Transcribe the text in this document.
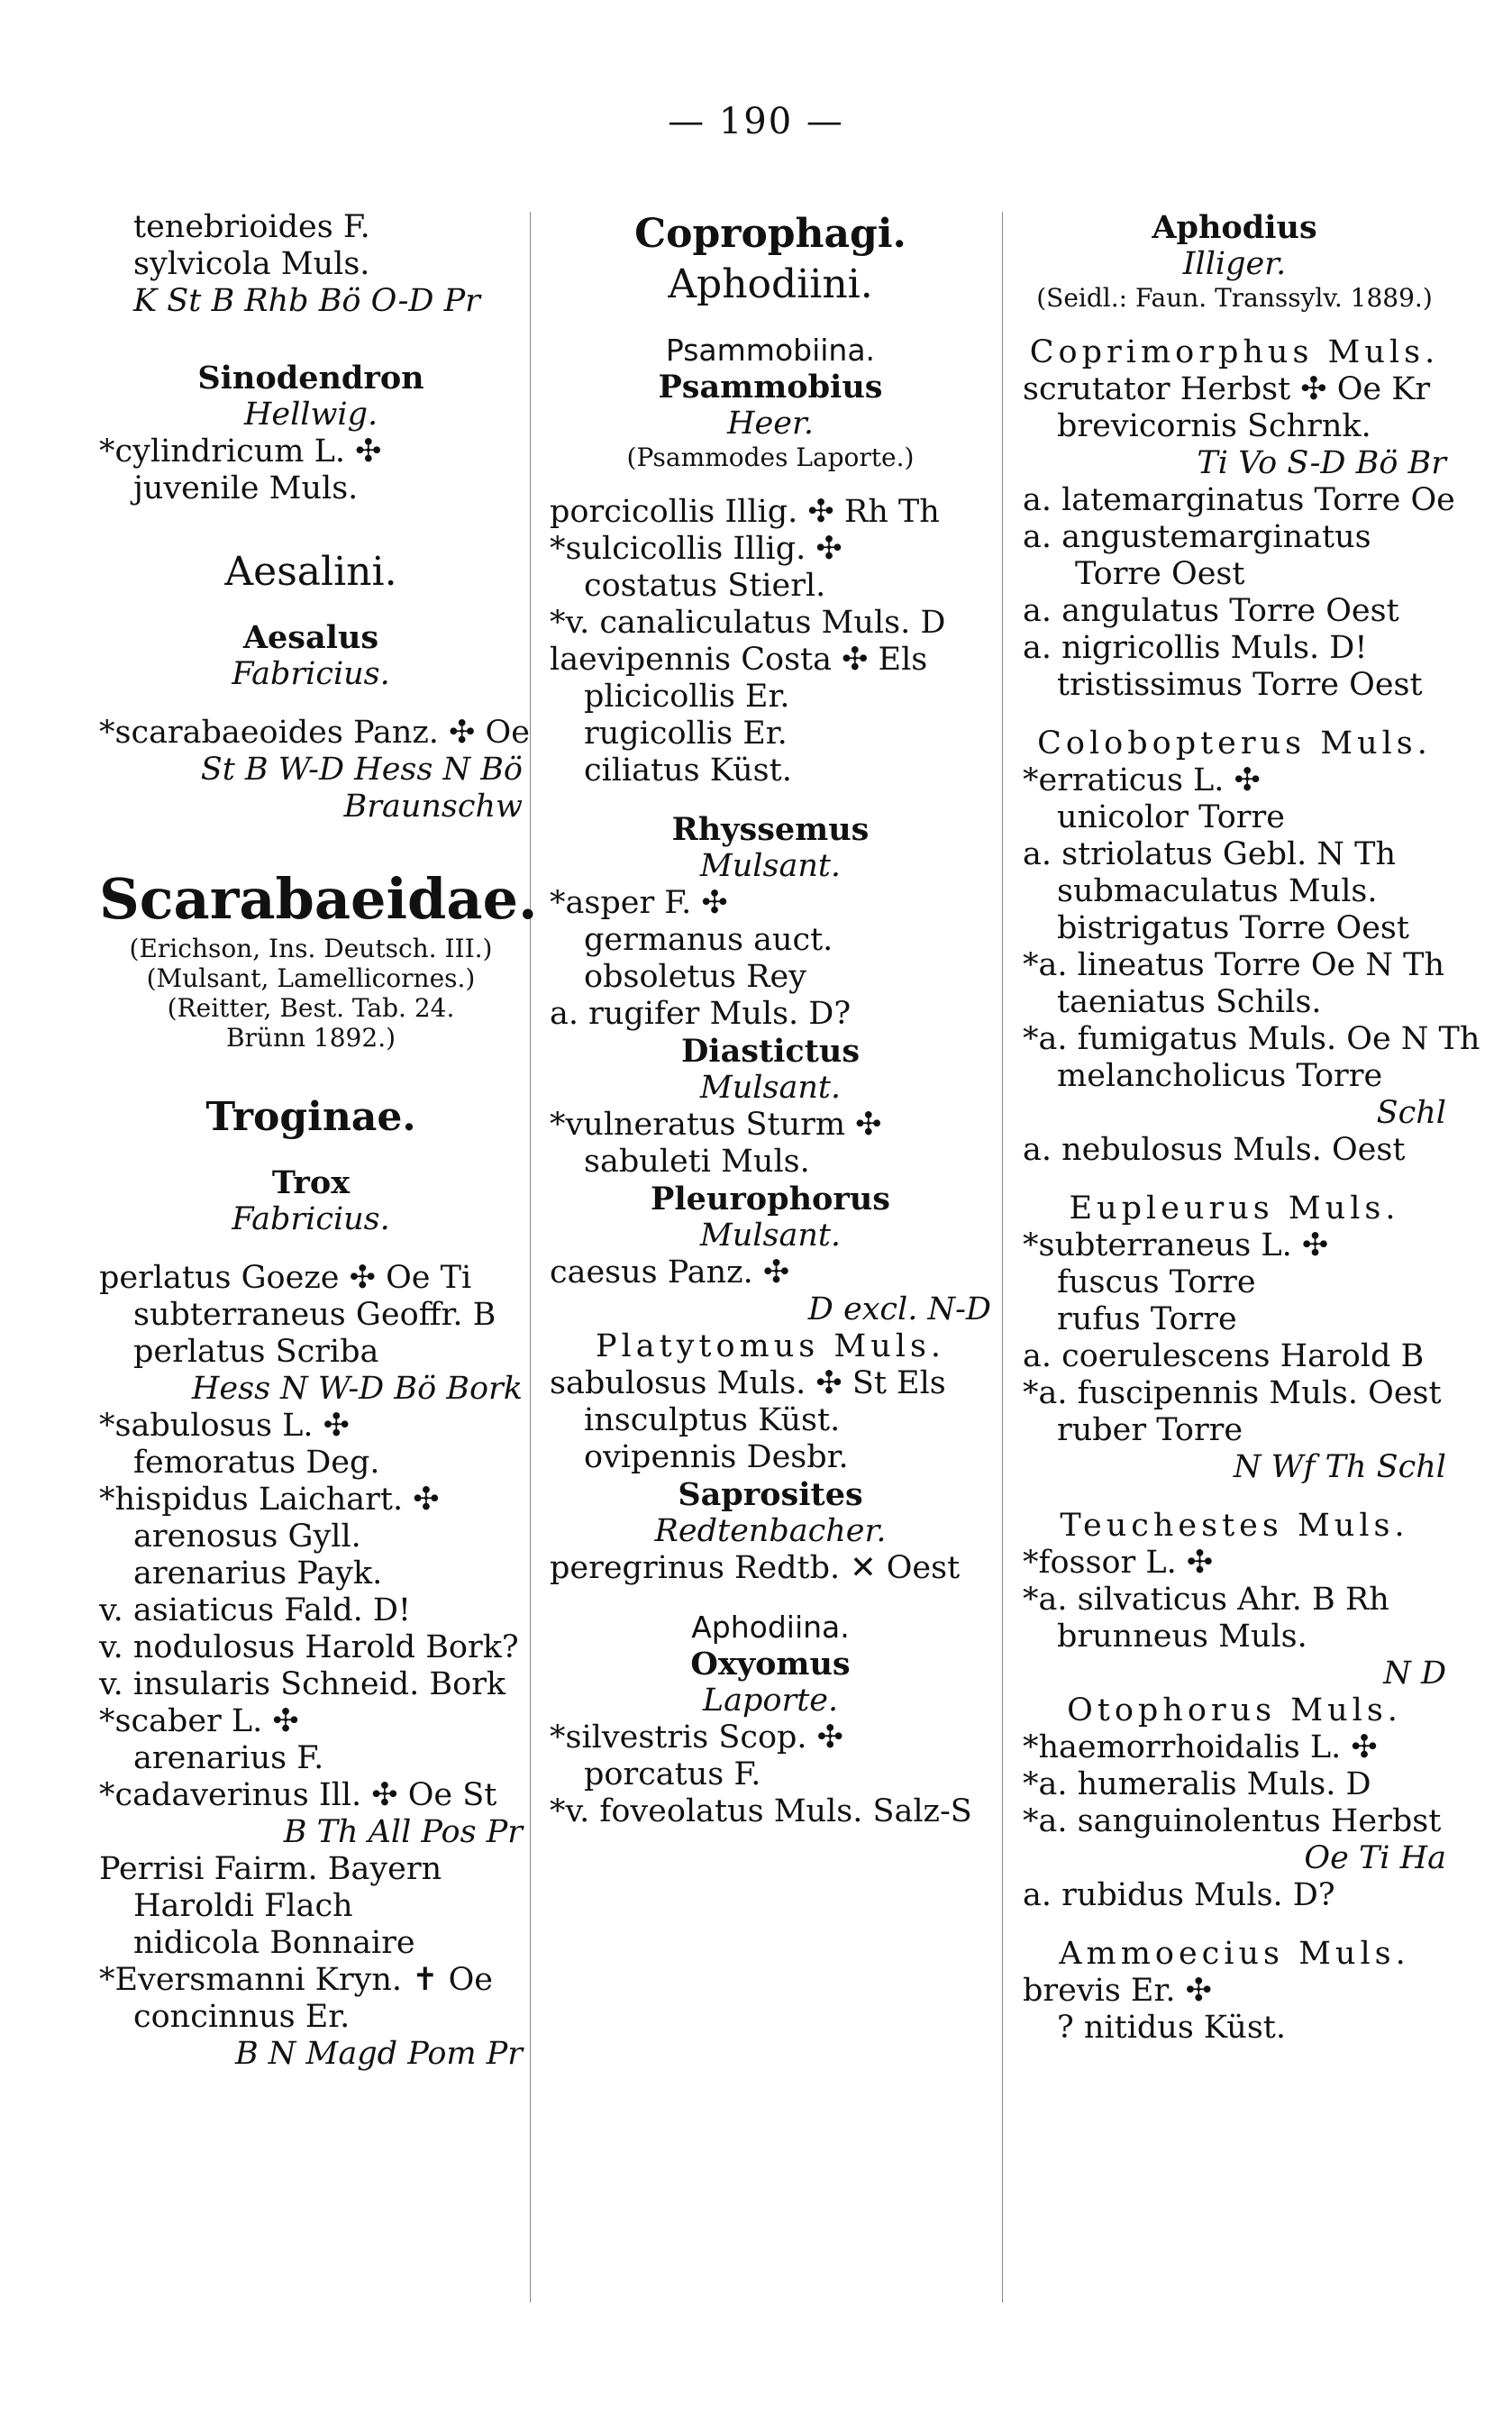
— 190 —
tenebrioides F.
sylvicola Muls.
K St B Rhb Bö O-D Pr
Sinodendron
Hellwig.
*cylindricum L. ✣
juvenile Muls.
Aesalini.
Aesalus
Fabricius.
*scarabaeoides Panz. ✣ Oe
St B W-D Hess N Bö
Braunschw
Scarabaeidae.
(Erichson, Ins. Deutsch. III.)
(Mulsant, Lamellicornes.)
(Reitter, Best. Tab. 24.
Brünn 1892.)
Troginae.
Trox
Fabricius.
perlatus Goeze ✣ Oe Ti
subterraneus Geoffr. B
perlatus Scriba
Hess N W-D Bö Bork
*sabulosus L. ✣
femoratus Deg.
*hispidus Laichart. ✣
arenosus Gyll.
arenarius Payk.
v. asiaticus Fald. D!
v. nodulosus Harold Bork?
v. insularis Schneid. Bork
*scaber L. ✣
arenarius F.
*cadaverinus Ill. ✣ Oe St
B Th All Pos Pr
Perrisi Fairm. Bayern
Haroldi Flach
nidicola Bonnaire
*Eversmanni Kryn. ✝ Oe
concinnus Er.
B N Magd Pom Pr
Coprophagi.
Aphodiini.
Psammobiina.
Psammobius
Heer.
(Psammodes Laporte.)
porcicollis Illig. ✣ Rh Th
*sulcicollis Illig. ✣
costatus Stierl.
*v. canaliculatus Muls. D
laevipennis Costa ✣ Els
plicicollis Er.
rugicollis Er.
ciliatus Küst.
Rhyssemus
Mulsant.
*asper F. ✣
germanus auct.
obsoletus Rey
a. rugifer Muls. D?
Diastictus
Mulsant.
*vulneratus Sturm ✣
sabuleti Muls.
Pleurophorus
Mulsant.
caesus Panz. ✣
D excl. N-D
Platytomus Muls.
sabulosus Muls. ✣ St Els
insculptus Küst.
ovipennis Desbr.
Saprosites
Redtenbacher.
peregrinus Redtb. ✕ Oest
Aphodiina.
Oxyomus
Laporte.
*silvestris Scop. ✣
porcatus F.
*v. foveolatus Muls. Salz-S
Aphodius
Illiger.
(Seidl.: Faun. Transsylv. 1889.)
Coprimorphus Muls.
scrutator Herbst ✣ Oe Kr
brevicornis Schrnk.
Ti Vo S-D Bö Br
a. latemarginatus Torre Oe
a. angustemarginatus
Torre Oest
a. angulatus Torre Oest
a. nigricollis Muls. D!
tristissimus Torre Oest
Colobopterus Muls.
*erraticus L. ✣
unicolor Torre
a. striolatus Gebl. N Th
submaculatus Muls.
bistrigatus Torre Oest
*a. lineatus Torre Oe N Th
taeniatus Schils.
*a. fumigatus Muls. Oe N Th
melancholicus Torre
Schl
a. nebulosus Muls. Oest
Eupleurus Muls.
*subterraneus L. ✣
fuscus Torre
rufus Torre
a. coerulescens Harold B
*a. fuscipennis Muls. Oest
ruber Torre
N Wf Th Schl
Teuchestes Muls.
*fossor L. ✣
*a. silvaticus Ahr. B Rh
brunneus Muls.
N D
Otophorus Muls.
*haemorrhoidalis L. ✣
*a. humeralis Muls. D
*a. sanguinolentus Herbst
Oe Ti Ha
a. rubidus Muls. D?
Ammoecius Muls.
brevis Er. ✣
? nitidus Küst.
